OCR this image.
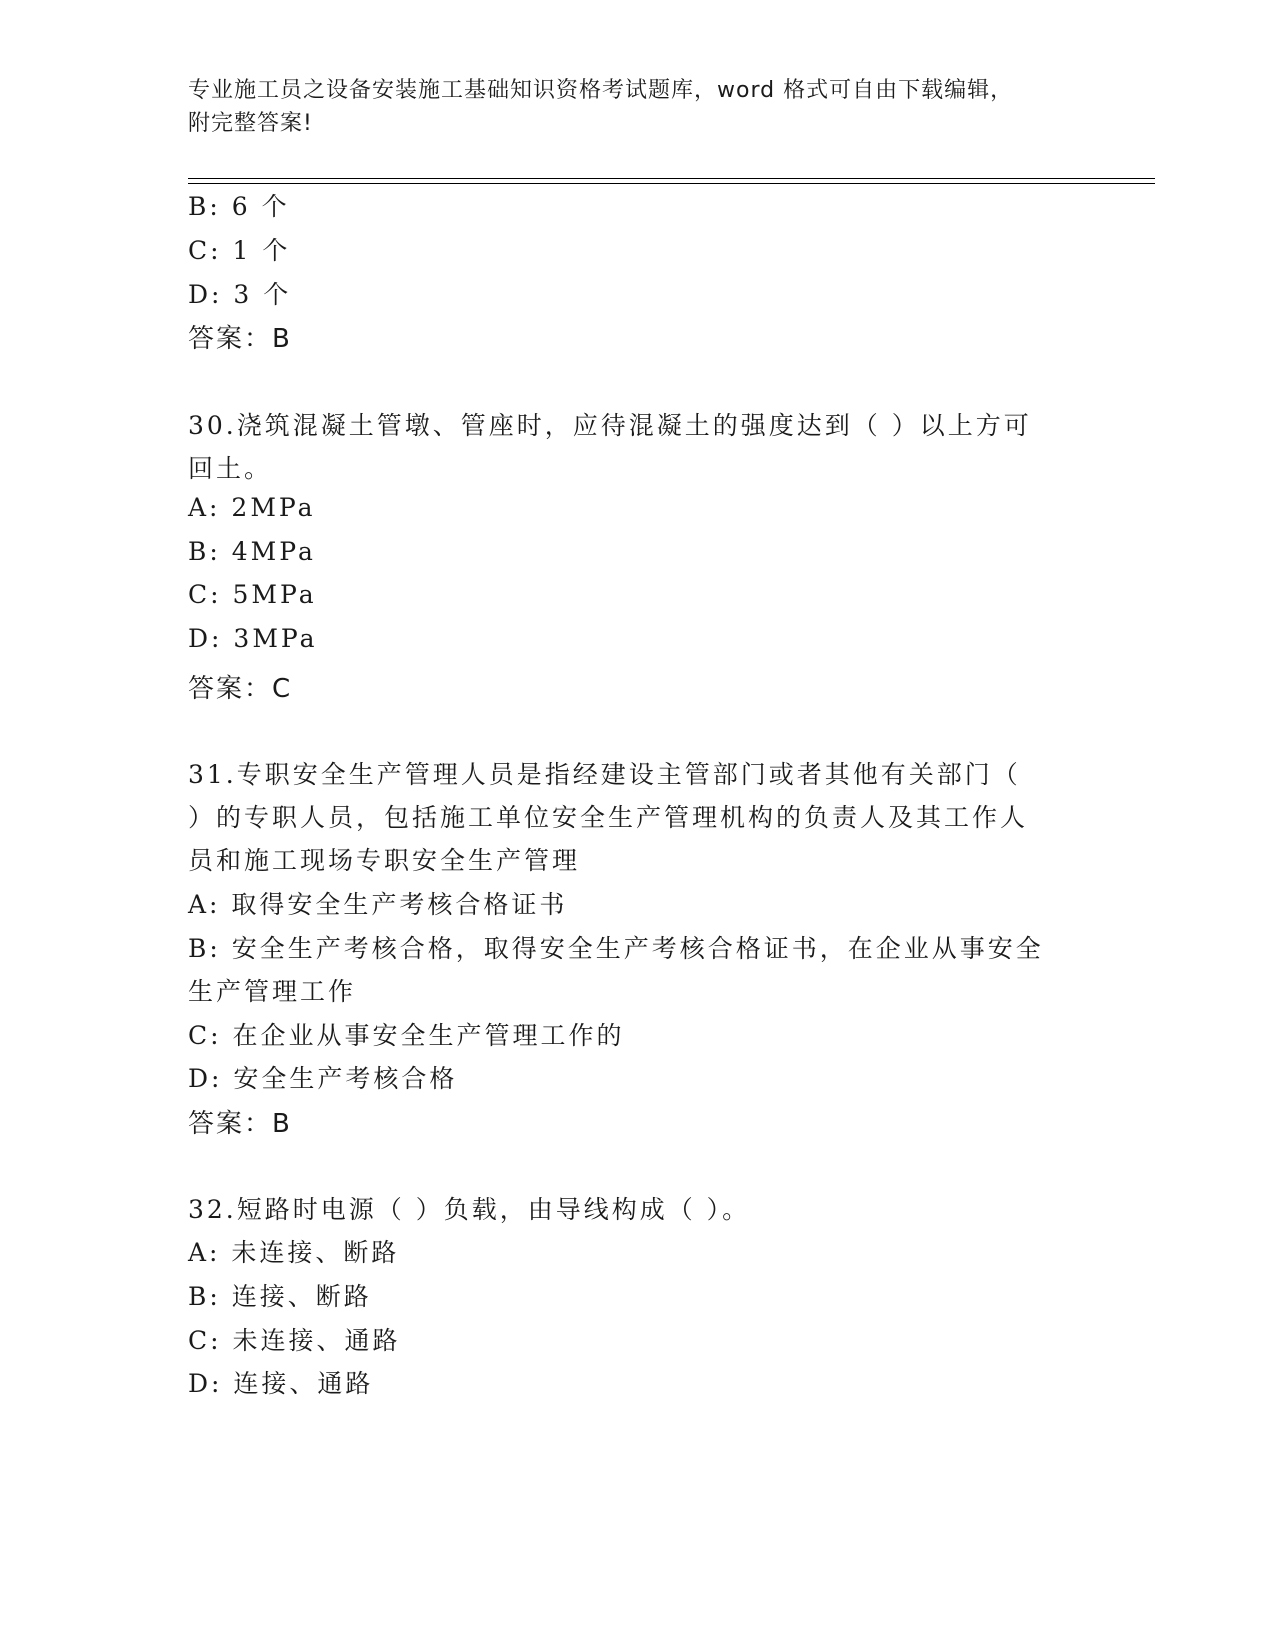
专业施工员之设备安装施工基础知识资格考试题库，word 格式可自由下载编辑，
附完整答案!
B: 6 个
C: 1 个
D: 3 个
答案：B
30.浇筑混凝土管墩、管座时，应待混凝土的强度达到（ ）以上方可
回土。
A: 2MPa
B: 4MPa
C: 5MPa
D: 3MPa
答案：C
31.专职安全生产管理人员是指经建设主管部门或者其他有关部门（
）的专职人员，包括施工单位安全生产管理机构的负责人及其工作人
员和施工现场专职安全生产管理
A: 取得安全生产考核合格证书
B: 安全生产考核合格，取得安全生产考核合格证书，在企业从事安全
生产管理工作
C: 在企业从事安全生产管理工作的
D: 安全生产考核合格
答案：B
32.短路时电源（ ）负载，由导线构成（ ）。
A: 未连接、断路
B: 连接、断路
C: 未连接、通路
D: 连接、通路
